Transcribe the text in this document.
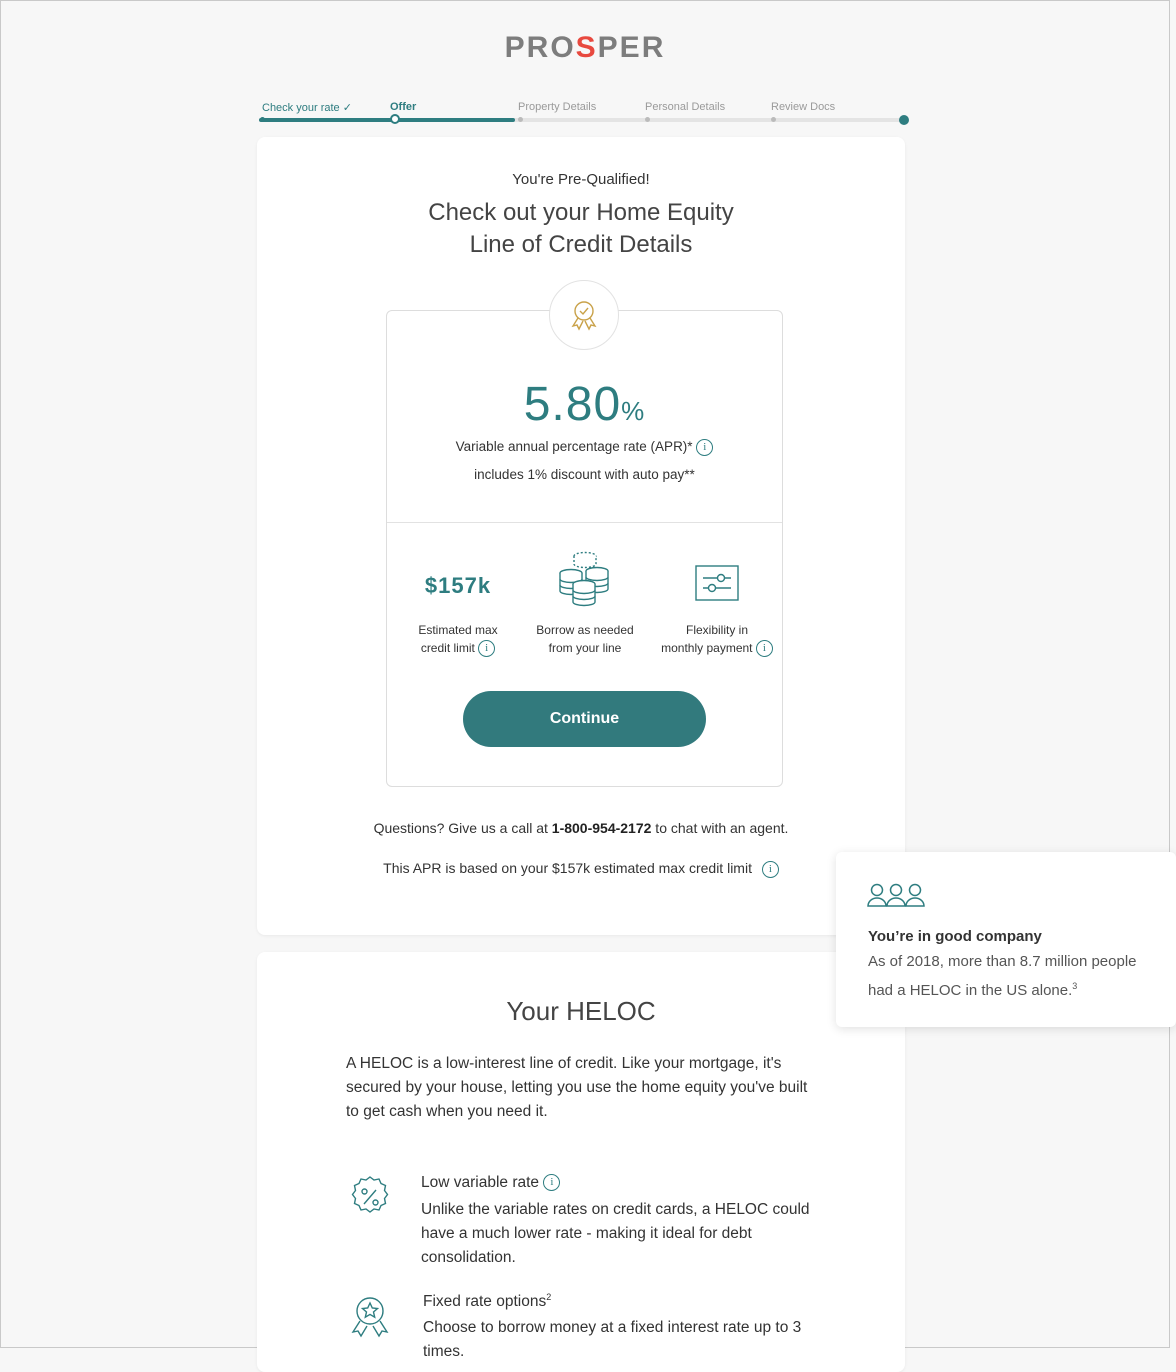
PROSPER
Check your rate ✓	Offer	Property Details	Personal Details	Review Docs
You're Pre-Qualified!
Check out your Home Equity
Line of Credit Details
5.80%
Variable annual percentage rate (APR)* i
includes 1% discount with auto pay**
$157k
Estimated max
credit limit i
Borrow as needed
from your line
Flexibility in
monthly payment i
Continue
Questions? Give us a call at 1-800-954-2172 to chat with an agent.
This APR is based on your $157k estimated max credit limit i
Your HELOC
A HELOC is a low-interest line of credit. Like your mortgage, it's secured by your house, letting you use the home equity you've built to get cash when you need it.
Low variable rate i
Unlike the variable rates on credit cards, a HELOC could have a much lower rate - making it ideal for debt consolidation.
Fixed rate options$^2$
Choose to borrow money at a fixed interest rate up to 3 times.
You’re in good company
As of 2018, more than 8.7 million people had a HELOC in the US alone.$^3$
